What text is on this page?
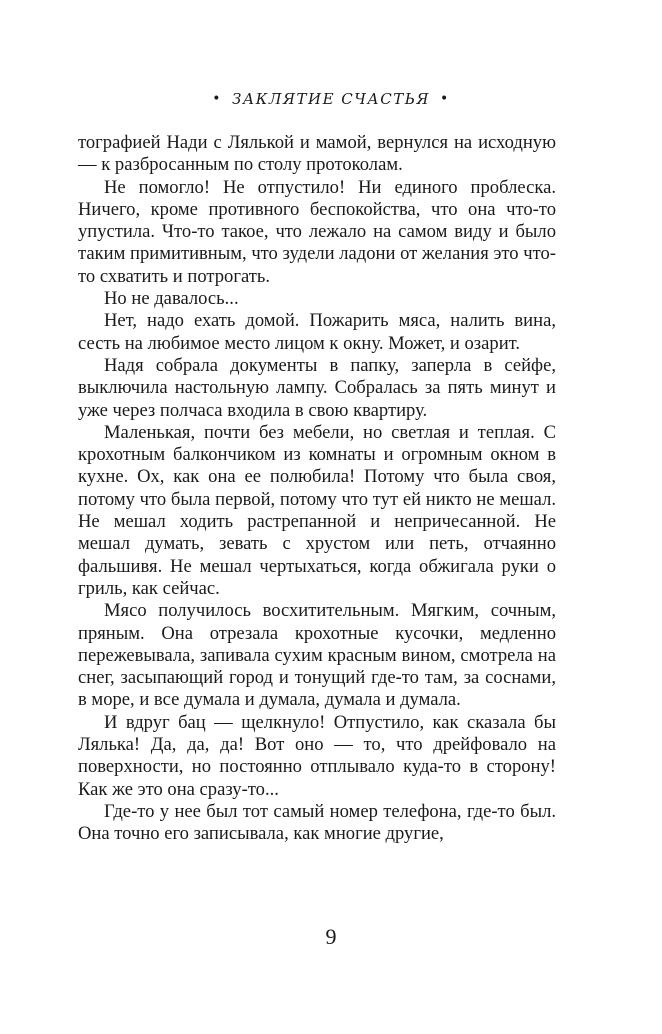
• ЗАКЛЯТИЕ СЧАСТЬЯ •

тографией Нади с Лялькой и мамой, вернулся на исходную — к разбросанным по столу протоколам.

Не помогло! Не отпустило! Ни единого проблеска. Ничего, кроме противного беспокойства, что она что-то упустила. Что-то такое, что лежало на самом виду и было таким примитивным, что зудели ладони от желания это что-то схватить и потрогать.

Но не давалось...

Нет, надо ехать домой. Пожарить мяса, налить вина, сесть на любимое место лицом к окну. Может, и озарит.

Надя собрала документы в папку, заперла в сейфе, выключила настольную лампу. Собралась за пять минут и уже через полчаса входила в свою квартиру.

Маленькая, почти без мебели, но светлая и теплая. С крохотным балкончиком из комнаты и огромным окном в кухне. Ох, как она ее полюбила! Потому что была своя, потому что была первой, потому что тут ей никто не мешал. Не мешал ходить растрепанной и непричесанной. Не мешал думать, зевать с хрустом или петь, отчаянно фальшивя. Не мешал чертыхаться, когда обжигала руки о гриль, как сейчас.

Мясо получилось восхитительным. Мягким, сочным, пряным. Она отрезала крохотные кусочки, медленно пережевывала, запивала сухим красным вином, смотрела на снег, засыпающий город и тонущий где-то там, за соснами, в море, и все думала и думала, думала и думала.

И вдруг бац — щелкнуло! Отпустило, как сказала бы Лялька! Да, да, да! Вот оно — то, что дрейфовало на поверхности, но постоянно отплывало куда-то в сторону! Как же это она сразу-то...

Где-то у нее был тот самый номер телефона, где-то был. Она точно его записывала, как многие другие,

9
